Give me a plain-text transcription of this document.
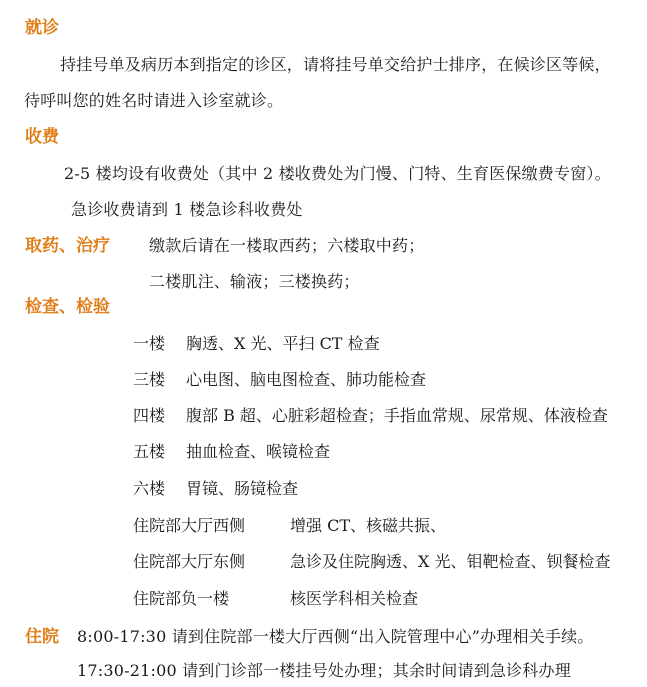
就诊
持挂号单及病历本到指定的诊区，请将挂号单交给护士排序，在候诊区等候，
待呼叫您的姓名时请进入诊室就诊。
收费
2-5 楼均设有收费处（其中 2 楼收费处为门慢、门特、生育医保缴费专窗）。
急诊收费请到 1 楼急诊科收费处
取药、治疗 缴款后请在一楼取西药；六楼取中药；
二楼肌注、输液；三楼换药；
检查、检验
一楼 胸透、X 光、平扫 CT 检查
三楼 心电图、脑电图检查、肺功能检查
四楼 腹部 B 超、心脏彩超检查；手指血常规、尿常规、体液检查
五楼 抽血检查、喉镜检查
六楼 胃镜、肠镜检查
住院部大厅西侧	增强 CT、核磁共振、
住院部大厅东侧	急诊及住院胸透、X 光、钼靶检查、钡餐检查
住院部负一楼	核医学科相关检查
住院 8:00-17:30 请到住院部一楼大厅西侧“出入院管理中心”办理相关手续。
17:30-21:00 请到门诊部一楼挂号处办理；其余时间请到急诊科办理
